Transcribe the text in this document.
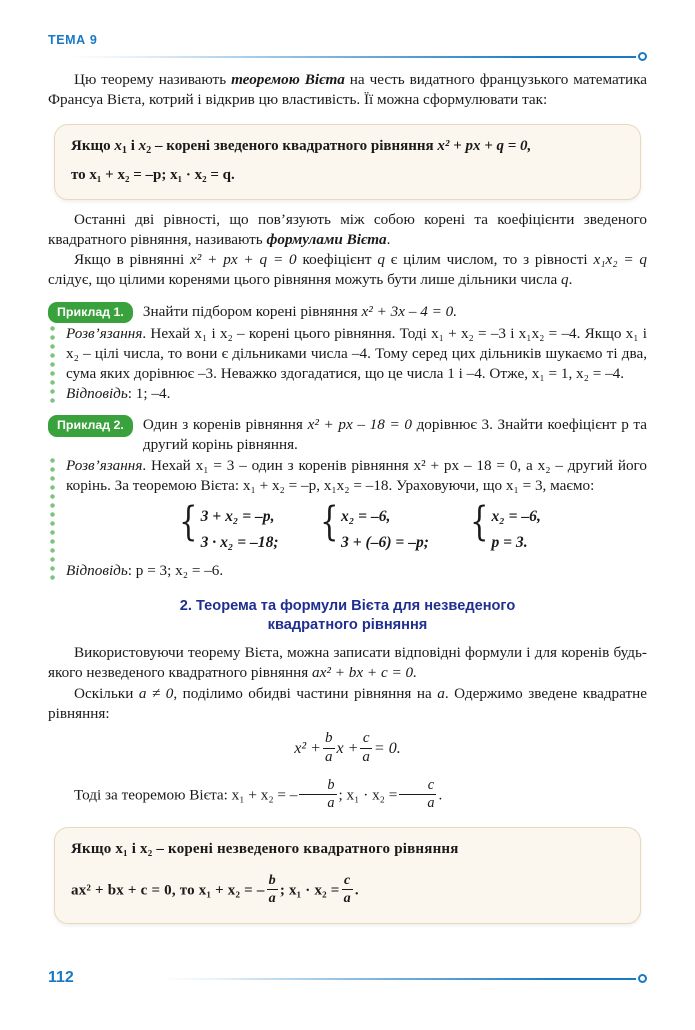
ТЕМА 9

Цю теорему називають теоремою Вієта на честь видатного французького математика Франсуа Вієта, котрий і відкрив цю властивість. Її можна сформулювати так:

Якщо $x_1$ і $x_2$ – корені зведеного квадратного рівняння x² + px + q = 0,
то x₁ + x₂ = –p; x₁ · x₂ = q.

Останні дві рівності, що пов’язують між собою корені та коефіцієнти зведеного квадратного рівняння, називають формулами Вієта.

Якщо в рівнянні x² + px + q = 0 коефіцієнт q є цілим числом, то з рівності x₁x₂ = q слідує, що цілими коренями цього рівняння можуть бути лише дільники числа q.

Приклад 1.	Знайти підбором корені рівняння x² + 3x – 4 = 0.

Розв’язання. Нехай x₁ і x₂ – корені цього рівняння. Тоді x₁ + x₂ = –3 і x₁x₂ = –4. Якщо x₁ і x₂ – цілі числа, то вони є дільниками числа –4. Тому серед цих дільників шукаємо ті два, сума яких дорівнює –3. Неважко здогадатися, що це числа 1 і –4. Отже, x₁ = 1, x₂ = –4.

Відповідь: 1; –4.

Приклад 2.	Один з коренів рівняння x² + px – 18 = 0 дорівнює 3. Знайти коефіцієнт p та другий корінь рівняння.

Розв’язання. Нехай x₁ = 3 – один з коренів рівняння x² + px – 18 = 0, а x₂ – другий його корінь. За теоремою Вієта: x₁ + x₂ = –p, x₁x₂ = –18. Ураховуючи, що x₁ = 3, маємо:

{ 3 + x₂ = –p,
3 · x₂ = –18; { x₂ = –6,
3 + (–6) = –p; { x₂ = –6,
p = 3.

Відповідь: p = 3; x₂ = –6.

2. Теорема та формули Вієта для незведеного
квадратного рівняння

Використовуючи теорему Вієта, можна записати відповідні формули і для коренів будь-якого незведеного квадратного рівняння ax² + bx + c = 0.

Оскільки a ≠ 0, поділимо обидві частини рівняння на a. Одержимо зведене квадратне рівняння:

$x^2 + \frac{b}{a}$ $x + \frac{c}{a} = 0$.
Тоді за теоремою Вієта: x₁ + x₂ = – $\frac{b}{a}$ ; $x_1 \cdot x_2 = \frac{c}{a}$ .
Якщо x₁ і x₂ – корені незведеного квадратного рівняння
ax² + bx + c = 0, то x₁ + x₂ = – $\frac{b}{a}$ ; $x_1 \cdot x_2 = \frac{c}{a}$ .
112
